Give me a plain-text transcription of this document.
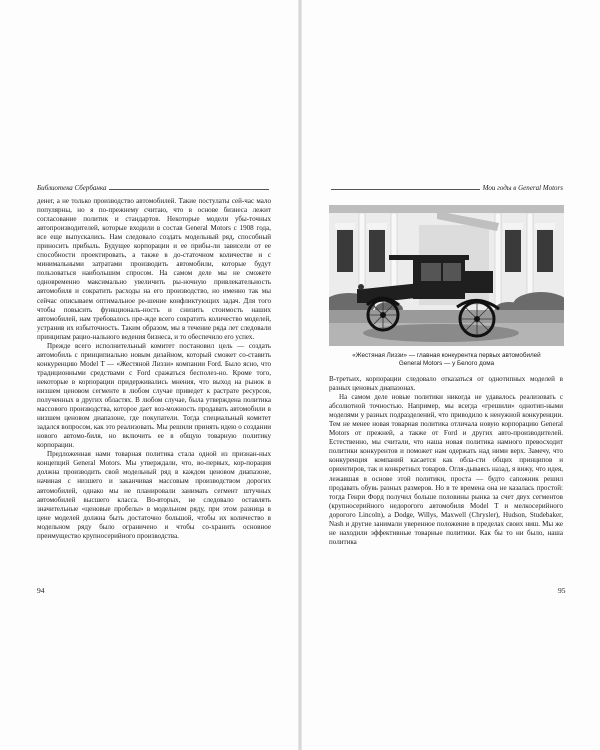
Библиотека Сбербанка

денег, а не только производство автомобилей. Такие постулаты сей-час мало популярны, но я по-прежнему считаю, что в основе бизнеса лежит согласование политик и стандартов. Некоторые модели убы-точных автопроизводителей, которые входили в состав General Motors с 1908 года, все еще выпускались. Нам следовало создать модельный ряд, способный приносить прибыль. Будущее корпорации и ее прибы-ли зависели от ее способности проектировать, а также в до-статочном количестве и с минимальными затратами производить автомобили, которые будут пользоваться наибольшим спросом. На самом деле мы не сможете одновременно максимально увеличить ры-ночную привлекательность автомобиля и сократить расходы на его производство, но именно так мы сейчас описываем оптимальное ре-шение конфликтующих задач. Для того чтобы повысить функциональ-ность и снизить стоимость наших автомобилей, нам требовалось пре-жде всего сократить количество моделей, устранив их избыточность. Таким образом, мы в течение ряда лет следовали принципам рацио-нального ведения бизнеса, и то обеспечило его успех.

Прежде всего исполнительный комитет постановил цель — создать автомобиль с принципиально новым дизайном, который сможет со-ставить конкуренцию Model T — «Жестяной Лиззи» компании Ford. Было ясно, что традиционными средствами с Ford сражаться бесполез-но. Кроме того, некоторые в корпорации придерживались мнения, что выход на рынок в низшем ценовом сегменте в любом случае приведет к растрате ресурсов, полученных в других областях. В любом случае, была утверждена политика массового производства, которое дает воз-можность продавать автомобили в низшем ценовом диапазоне, где покупатели. Тогда специальный комитет задался вопросом, как это реализовать. Мы решили принять идею о создании нового автомо-биля, но включить ее в общую товарную политику корпорации.

Предложенная нами товарная политика стала одной из признан-ных концепций General Motors. Мы утверждали, что, во-первых, кор-порация должна производить свой модельный ряд в каждом ценовом диапазоне, начиная с низшего и заканчивая массовым производством дорогих автомобилей, однако мы не планировали занимать сегмент штучных автомобилей высшего класса. Во-вторых, не следовало оставлять значительные «ценовые пробелы» в модельном ряду, при этом разница в цене моделей должна быть достаточно большой, чтобы их количество в модельном ряду было ограничено и чтобы со-хранить основное преимущество крупносерийного производства.

94
Мои годы в General Motors
«Жестяная Лиззи» — главная конкурентка первых автомобилей
General Motors — у Белого дома

В-третьих, корпорации следовало отказаться от однотипных моделей в разных ценовых диапазонах.

На самом деле новые политики никогда не удавалось реализовать с абсолютной точностью. Например, мы всегда «грешили» однотип-ными моделями у разных подразделений, что приводило к ненужной конкуренции. Тем не менее новая товарная политика отличала новую корпорацию General Motors от прежней, а также от Ford и других авто-производителей. Естественно, мы считали, что наша новая политика намного превосходит политики конкурентов и поможет нам одержать над ними верх. Замечу, что конкуренция компаний касается как обла-сти общих принципов и ориентиров, так и конкретных товаров. Огля-дываясь назад, я вижу, что идея, лежавшая в основе этой политики, проста — будто сапожник решил продавать обувь разных размеров. Но в те времена она не казалась простой: тогда Генри Форд получил больше половины рынка за счет двух сегментов (крупносерийного недорогого автомобиля Model T и мелкосерийного дорогого Lincoln), а Dodge, Willys, Maxwell (Chrysler), Hudson, Studebaker, Nash и другие занимали уверенное положение в пределах своих ниш. Мы же не находили эффективные товарные политики. Как бы то ни было, наша политика

95
